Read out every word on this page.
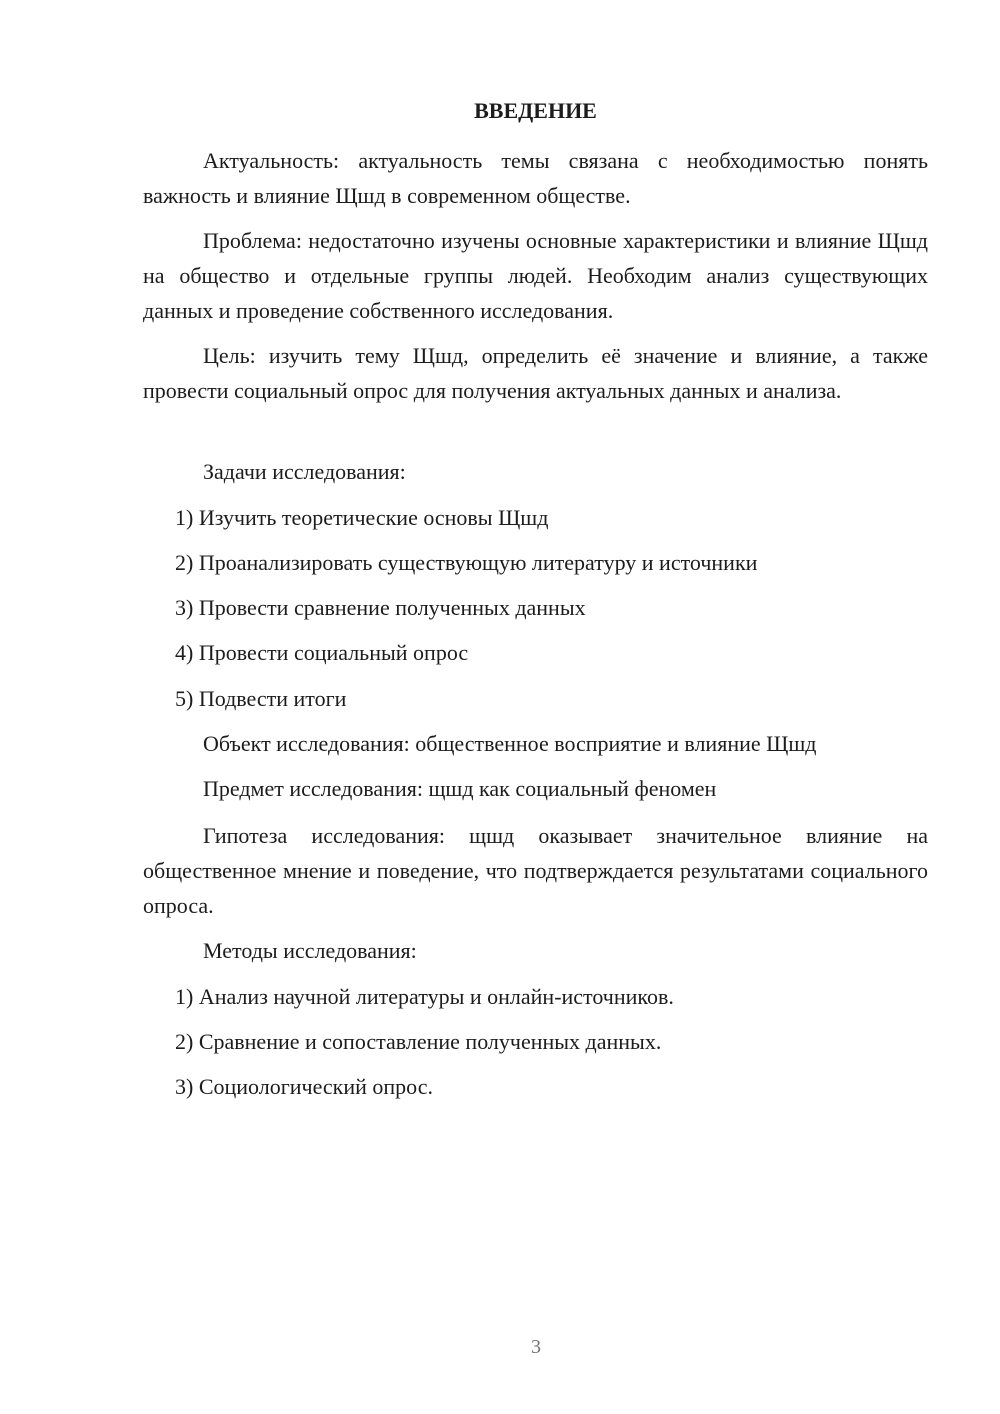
ВВЕДЕНИЕ

Актуальность: актуальность темы связана с необходимостью понять важность и влияние Щшд в современном обществе.

Проблема: недостаточно изучены основные характеристики и влияние Щшд на общество и отдельные группы людей. Необходим анализ существующих данных и проведение собственного исследования.

Цель: изучить тему Щшд, определить её значение и влияние, а также провести социальный опрос для получения актуальных данных и анализа.

Задачи исследования:
1) Изучить теоретические основы Щшд
2) Проанализировать существующую литературу и источники
3) Провести сравнение полученных данных
4) Провести социальный опрос
5) Подвести итоги
Объект исследования: общественное восприятие и влияние Щшд
Предмет исследования: щшд как социальный феномен

Гипотеза исследования: щшд оказывает значительное влияние на общественное мнение и поведение, что подтверждается результатами социального опроса.

Методы исследования:
1) Анализ научной литературы и онлайн-источников.
2) Сравнение и сопоставление полученных данных.
3) Социологический опрос.
3
